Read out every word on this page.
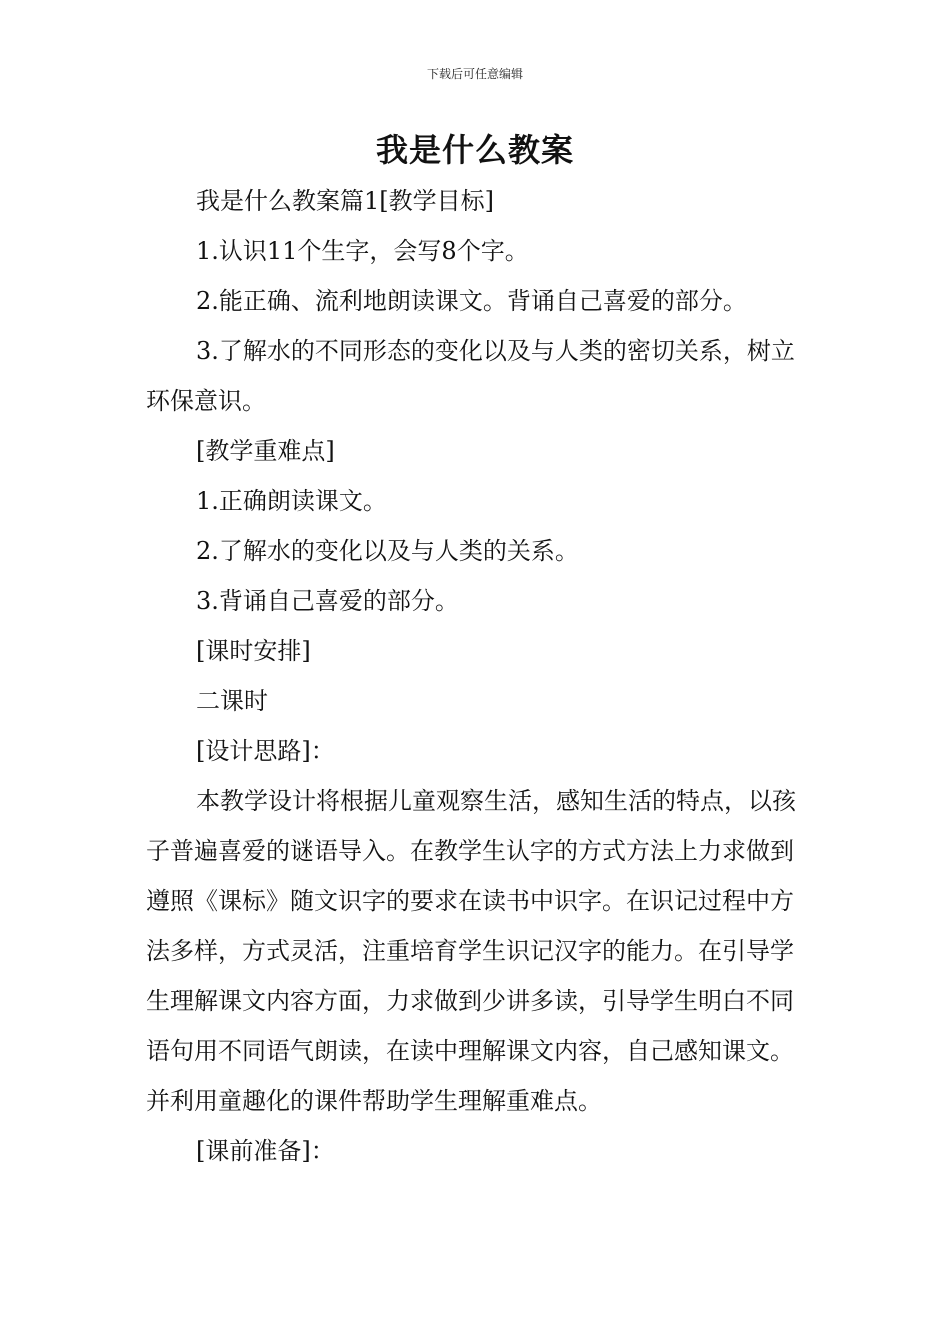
下载后可任意编辑
我是什么教案

我是什么教案篇1[教学目标]

1.认识11个生字，会写8个字。

2.能正确、流利地朗读课文。背诵自己喜爱的部分。

3.了解水的不同形态的变化以及与人类的密切关系，树立环保意识。

[教学重难点]

1.正确朗读课文。

2.了解水的变化以及与人类的关系。

3.背诵自己喜爱的部分。

[课时安排]

二课时

[设计思路]：

本教学设计将根据儿童观察生活，感知生活的特点，以孩子普遍喜爱的谜语导入。在教学生认字的方式方法上力求做到遵照《课标》随文识字的要求在读书中识字。在识记过程中方法多样，方式灵活，注重培育学生识记汉字的能力。在引导学生理解课文内容方面，力求做到少讲多读，引导学生明白不同语句用不同语气朗读，在读中理解课文内容，自己感知课文。并利用童趣化的课件帮助学生理解重难点。

[课前准备]：
